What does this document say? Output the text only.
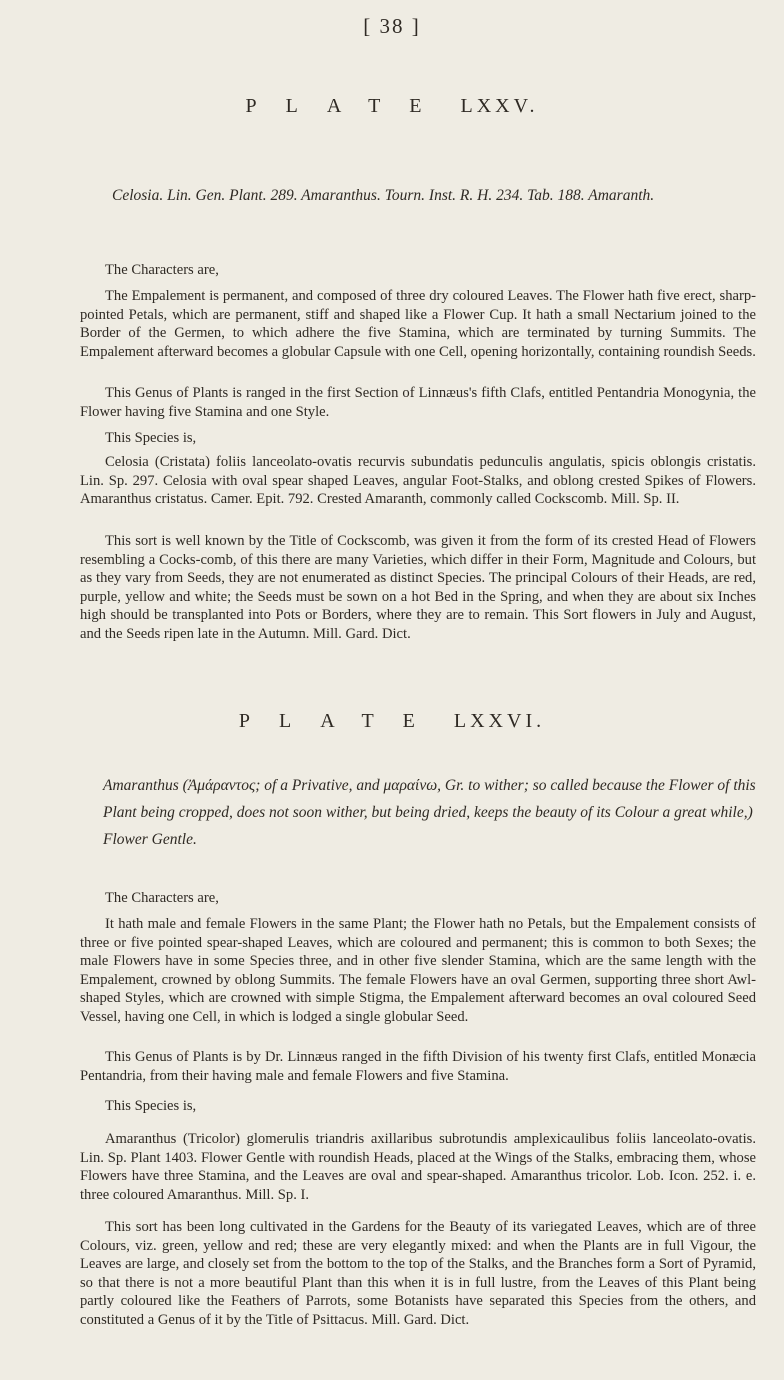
[ 38 ]
PLATE LXXV.
Celosia. Lin. Gen. Plant. 289. Amaranthus. Tourn. Inst. R. H. 234. Tab. 188. Amaranth.
The Characters are,

The Empalement is permanent, and composed of three dry coloured Leaves. The Flower hath five erect, sharp-pointed Petals, which are permanent, stiff and shaped like a Flower Cup. It hath a small Nectarium joined to the Border of the Germen, to which adhere the five Stamina, which are terminated by turning Summits. The Empalement afterward becomes a globular Capsule with one Cell, opening horizontally, containing roundish Seeds.

This Genus of Plants is ranged in the first Section of Linnæus's fifth Clafs, entitled Pentandria Monogynia, the Flower having five Stamina and one Style.

This Species is,

Celosia (Cristata) foliis lanceolato-ovatis recurvis subundatis pedunculis angulatis, spicis oblongis cristatis. Lin. Sp. 297. Celosia with oval spear shaped Leaves, angular Foot-Stalks, and oblong crested Spikes of Flowers. Amaranthus cristatus. Camer. Epit. 792. Crested Amaranth, commonly called Cockscomb. Mill. Sp. II.

This sort is well known by the Title of Cockscomb, was given it from the form of its crested Head of Flowers resembling a Cocks-comb, of this there are many Varieties, which differ in their Form, Magnitude and Colours, but as they vary from Seeds, they are not enumerated as distinct Species. The principal Colours of their Heads, are red, purple, yellow and white; the Seeds must be sown on a hot Bed in the Spring, and when they are about six Inches high should be transplanted into Pots or Borders, where they are to remain. This Sort flowers in July and August, and the Seeds ripen late in the Autumn. Mill. Gard. Dict.

PLATE LXXVI.
Amaranthus (Ἀμάραντος; of a Privative, and μαραίνω, Gr. to wither; so called because the Flower of this Plant being cropped, does not soon wither, but being dried, keeps the beauty of its Colour a great while,) Flower Gentle.
The Characters are,

It hath male and female Flowers in the same Plant; the Flower hath no Petals, but the Empalement consists of three or five pointed spear-shaped Leaves, which are coloured and permanent; this is common to both Sexes; the male Flowers have in some Species three, and in other five slender Stamina, which are the same length with the Empalement, crowned by oblong Summits. The female Flowers have an oval Germen, supporting three short Awl-shaped Styles, which are crowned with simple Stigma, the Empalement afterward becomes an oval coloured Seed Vessel, having one Cell, in which is lodged a single globular Seed.

This Genus of Plants is by Dr. Linnæus ranged in the fifth Division of his twenty first Clafs, entitled Monæcia Pentandria, from their having male and female Flowers and five Stamina.

This Species is,

Amaranthus (Tricolor) glomerulis triandris axillaribus subrotundis amplexicaulibus foliis lanceolato-ovatis. Lin. Sp. Plant 1403. Flower Gentle with roundish Heads, placed at the Wings of the Stalks, embracing them, whose Flowers have three Stamina, and the Leaves are oval and spear-shaped. Amaranthus tricolor. Lob. Icon. 252. i. e. three coloured Amaranthus. Mill. Sp. I.

This sort has been long cultivated in the Gardens for the Beauty of its variegated Leaves, which are of three Colours, viz. green, yellow and red; these are very elegantly mixed: and when the Plants are in full Vigour, the Leaves are large, and closely set from the bottom to the top of the Stalks, and the Branches form a Sort of Pyramid, so that there is not a more beautiful Plant than this when it is in full lustre, from the Leaves of this Plant being partly coloured like the Feathers of Parrots, some Botanists have separated this Species from the others, and constituted a Genus of it by the Title of Psittacus. Mill. Gard. Dict.
